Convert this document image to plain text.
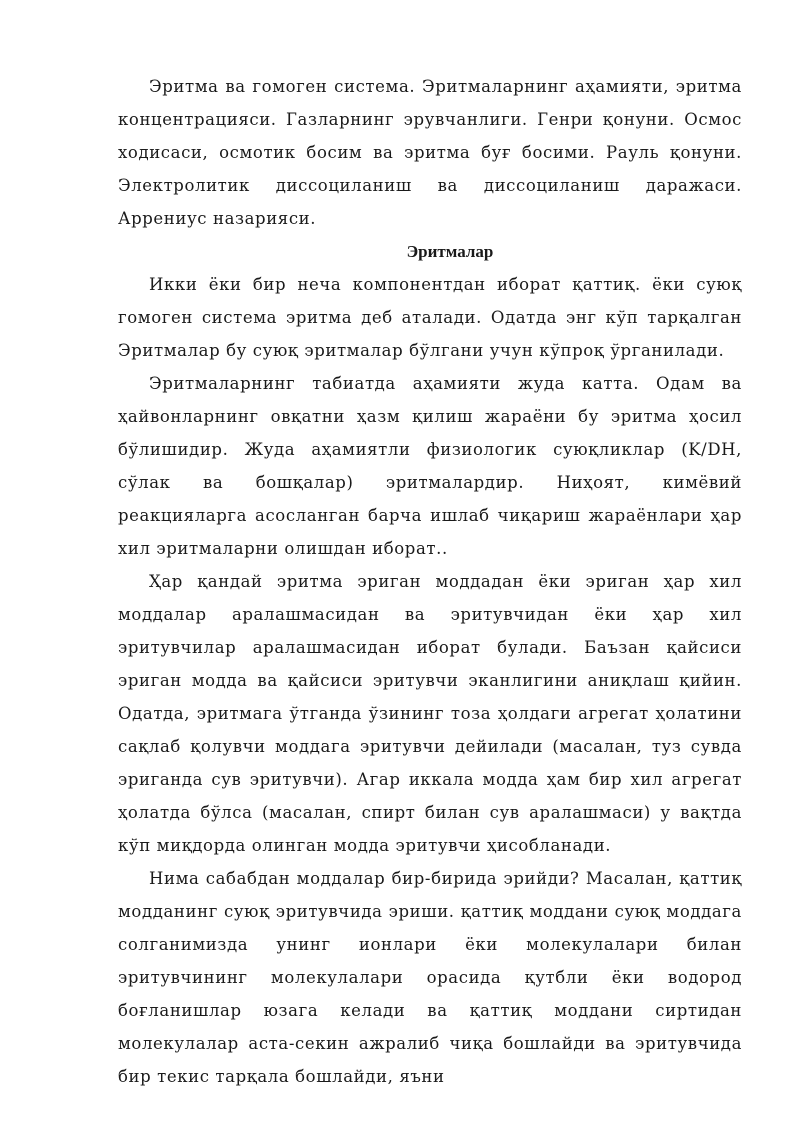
Эритма ва гомоген система. Эритмаларнинг аҳамияти, эритма концентрацияси. Газларнинг эрувчанлиги. Генри қонуни. Осмос ходисаси, осмотик босим ва эритма буғ босими. Рауль қонуни. Электролитик диссоциланиш ва диссоциланиш даражаси. Аррениус назарияси.

Эритмалар

Икки ёки бир неча компонентдан иборат қаттиқ. ёки суюқ гомоген система эритма деб аталади. Одатда энг кўп тарқалган Эритмалар бу суюқ эритмалар бўлгани учун кўпроқ ўрганилади.

Эритмаларнинг табиатда аҳамияти жуда катта. Одам ва ҳайвонларнинг овқатни ҳазм қилиш жараёни бу эритма ҳосил бўлишидир. Жуда аҳамиятли физиологик суюқликлар (K/DH, сўлак ва бошқалар) эритмалардир. Ниҳоят, кимёвий реакцияларга асосланган барча ишлаб чиқариш жараёнлари ҳар хил эритмаларни олишдан иборат..

Ҳар қандай эритма эриган моддадан ёки эриган ҳар хил моддалар аралашмасидан ва эритувчидан ёки ҳар хил эритувчилар аралашмасидан иборат булади. Баъзан қайсиси эриган модда ва қайсиси эритувчи эканлигини аниқлаш қийин. Одатда, эритмага ўтганда ўзининг тоза ҳолдаги агрегат ҳолатини сақлаб қолувчи моддага эритувчи дейилади (масалан, туз сувда эриганда сув эритувчи). Агар иккала модда ҳам бир хил агрегат ҳолатда бўлса (масалан, спирт билан сув аралашмаси) у вақтда кўп миқдорда олинган модда эритувчи ҳисобланади.

Нима сабабдан моддалар бир-бирида эрийди? Масалан, қаттиқ модданинг суюқ эритувчида эриши. қаттиқ моддани суюқ моддага солганимизда унинг ионлари ёки молекулалари билан эритувчининг молекулалари орасида қутбли ёки водород боғланишлар юзага келади ва қаттиқ моддани сиртидан молекулалар аста-секин ажралиб чиқа бошлайди ва эритувчида бир текис тарқала бошлайди, яъни
